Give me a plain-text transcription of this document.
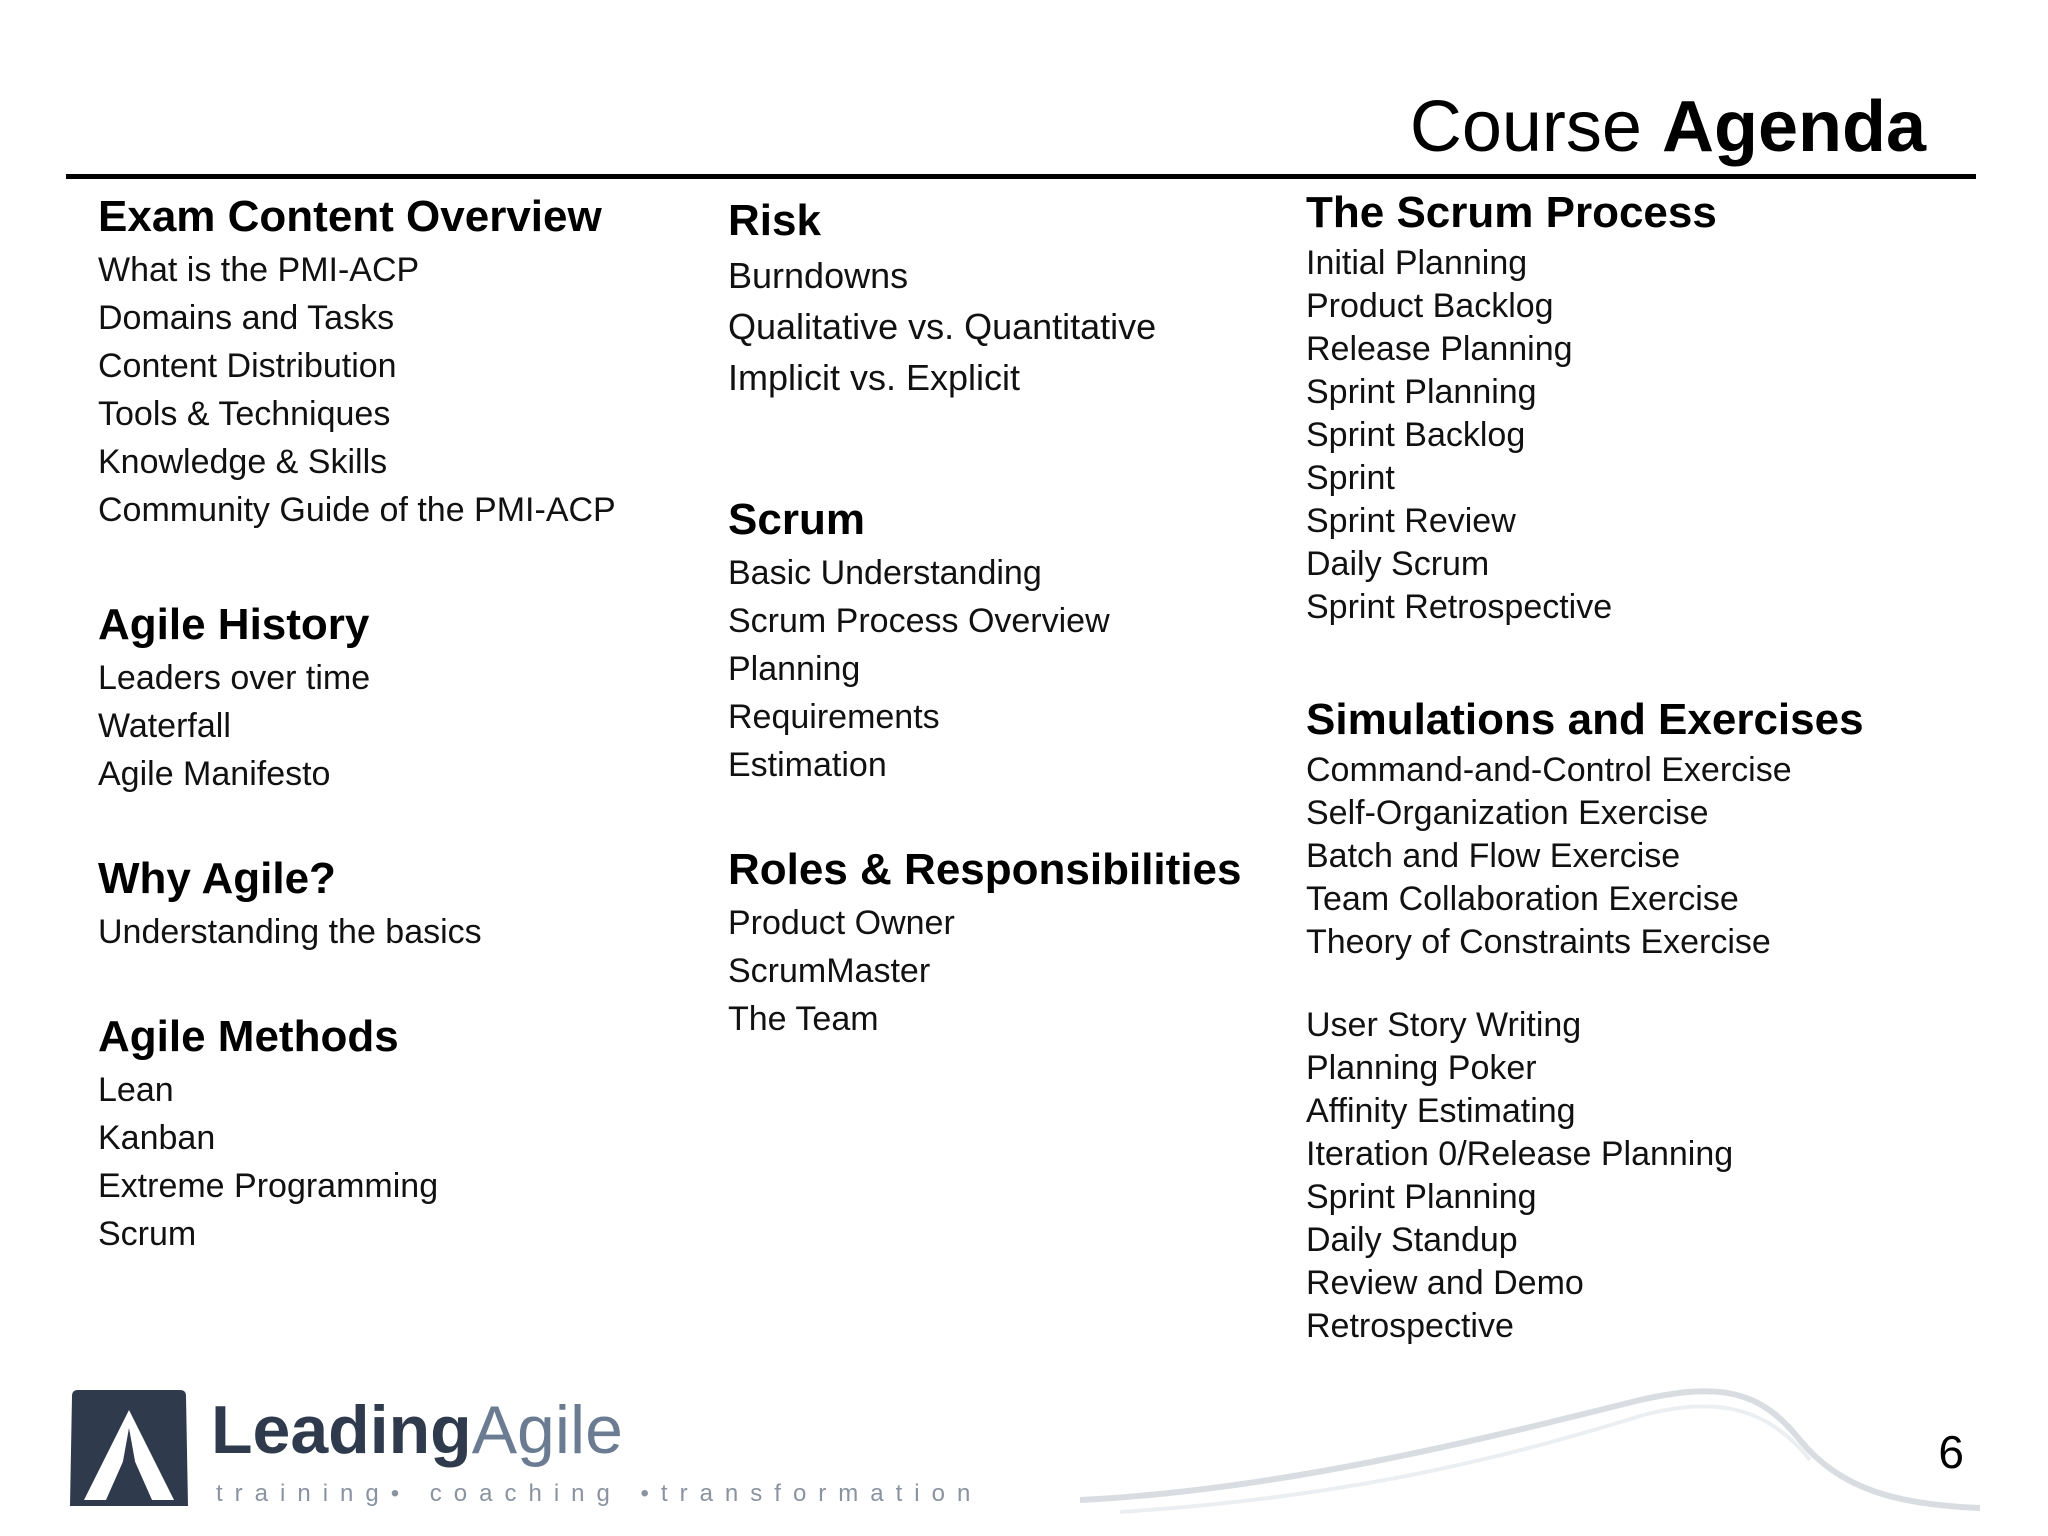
Course Agenda
Exam Content Overview
What is the PMI-ACP
Domains and Tasks
Content Distribution
Tools & Techniques
Knowledge & Skills
Community Guide of the PMI-ACP
Agile History
Leaders over time
Waterfall
Agile Manifesto
Why Agile?
Understanding the basics
Agile Methods
Lean
Kanban
Extreme Programming
Scrum
Risk
Burndowns
Qualitative vs. Quantitative
Implicit vs. Explicit
Scrum
Basic Understanding
Scrum Process Overview
Planning
Requirements
Estimation
Roles & Responsibilities
Product Owner
ScrumMaster
The Team
The Scrum Process
Initial Planning
Product Backlog
Release Planning
Sprint Planning
Sprint Backlog
Sprint
Sprint Review
Daily Scrum
Sprint Retrospective
Simulations and Exercises
Command-and-Control Exercise
Self-Organization Exercise
Batch and Flow Exercise
Team Collaboration Exercise
Theory of Constraints Exercise
User Story Writing
Planning Poker
Affinity Estimating
Iteration 0/Release Planning
Sprint Planning
Daily Standup
Review and Demo
Retrospective
LeadingAgile
training• coaching •transformation
6
